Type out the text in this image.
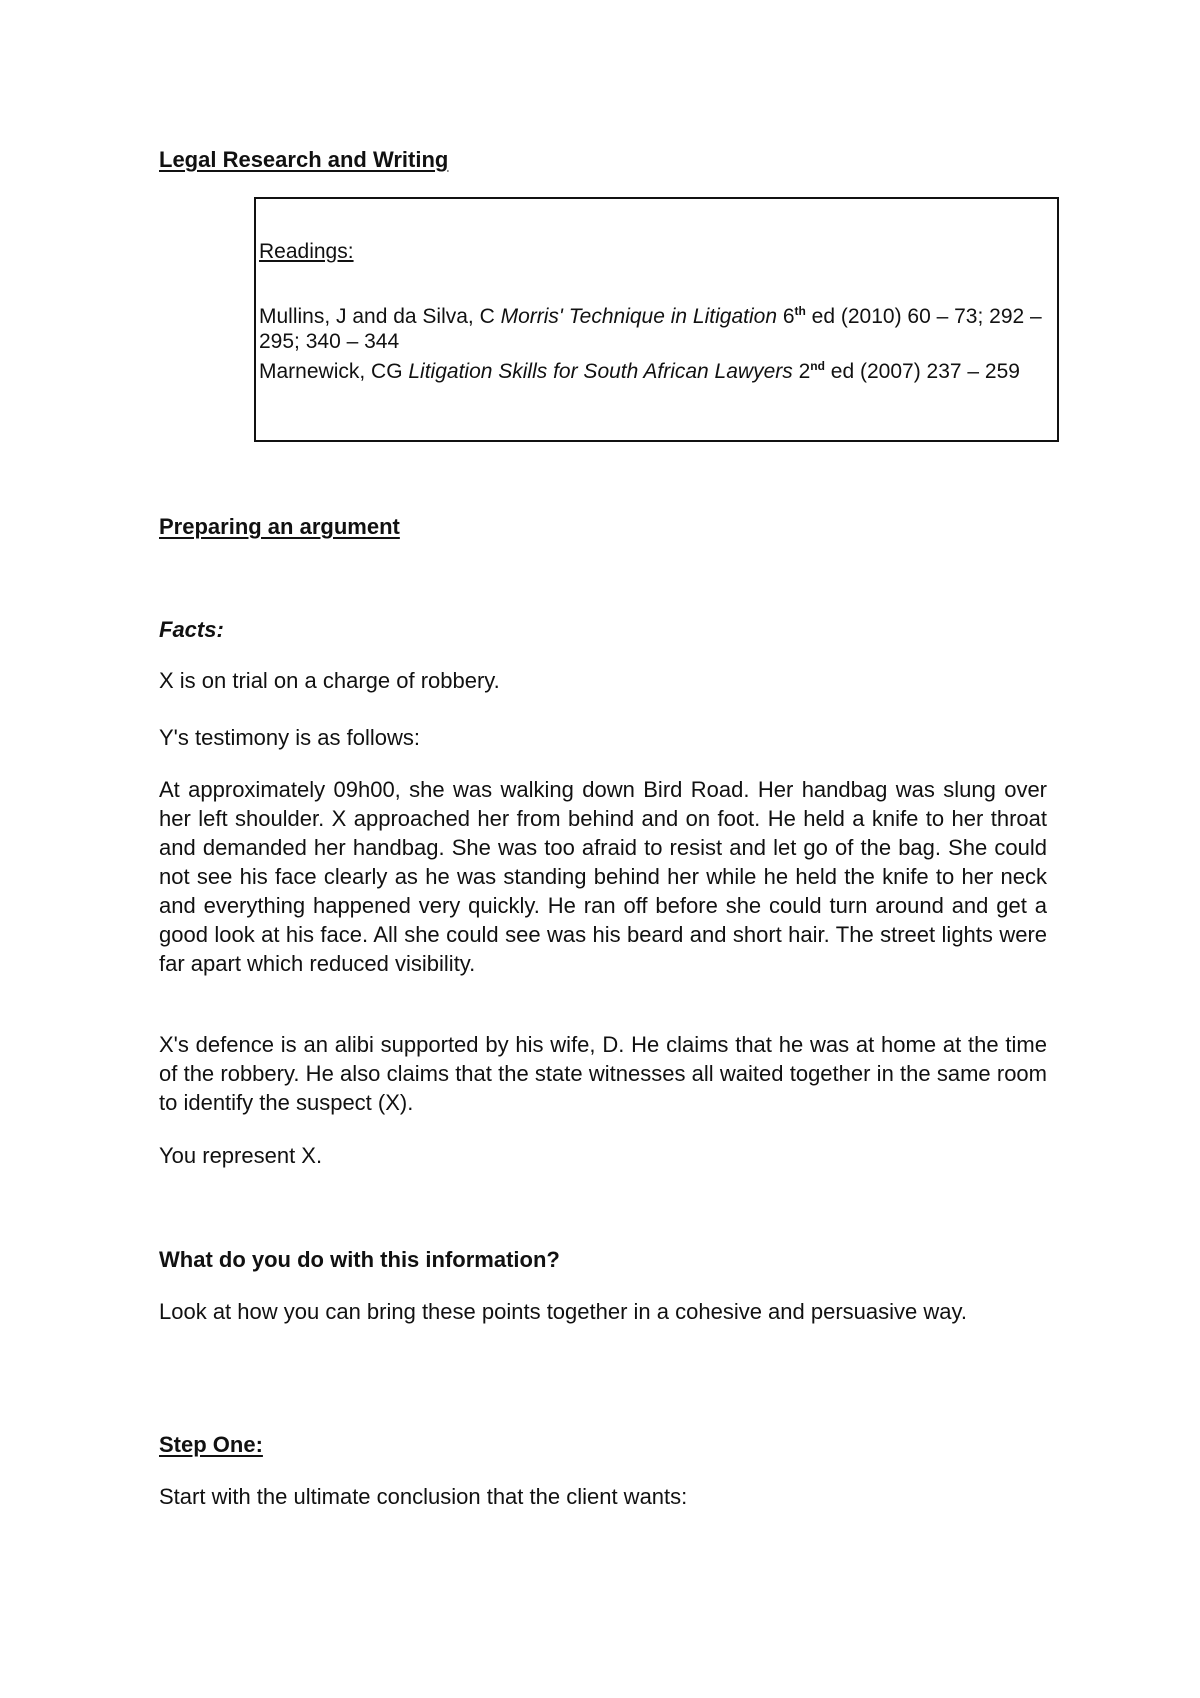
Legal Research and Writing

Readings:

Mullins, J and da Silva, C Morris' Technique in Litigation 6th ed (2010) 60 – 73; 292 – 295; 340 – 344

Marnewick, CG Litigation Skills for South African Lawyers 2nd ed (2007) 237 – 259

Preparing an argument

Facts:

X is on trial on a charge of robbery.

Y's testimony is as follows:

At approximately 09h00, she was walking down Bird Road. Her handbag was slung over her left shoulder. X approached her from behind and on foot. He held a knife to her throat and demanded her handbag. She was too afraid to resist and let go of the bag. She could not see his face clearly as he was standing behind her while he held the knife to her neck and everything happened very quickly. He ran off before she could turn around and get a good look at his face. All she could see was his beard and short hair. The street lights were far apart which reduced visibility.

X's defence is an alibi supported by his wife, D. He claims that he was at home at the time of the robbery. He also claims that the state witnesses all waited together in the same room to identify the suspect (X).

You represent X.

What do you do with this information?

Look at how you can bring these points together in a cohesive and persuasive way.

Step One:

Start with the ultimate conclusion that the client wants:
